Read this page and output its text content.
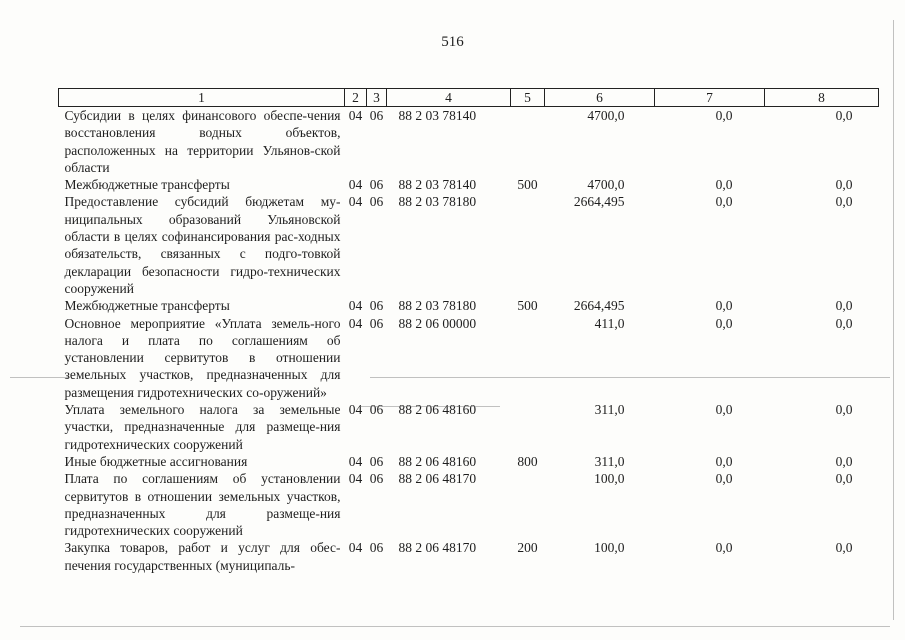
516
1	2	3	4	5	6	7	8
Субсидии в целях финансового обеспе-чения восстановления водных объектов, расположенных на территории Ульянов-ской области	04	06	88 2 03 78140		4700,0	0,0	0,0
Межбюджетные трансферты	04	06	88 2 03 78140	500	4700,0	0,0	0,0
Предоставление субсидий бюджетам му-ниципальных образований Ульяновской области в целях софинансирования рас-ходных обязательств, связанных с подго-товкой декларации безопасности гидро-технических сооружений	04	06	88 2 03 78180		2664,495	0,0	0,0
Межбюджетные трансферты	04	06	88 2 03 78180	500	2664,495	0,0	0,0
Основное мероприятие «Уплата земель-ного налога и плата по соглашениям об установлении сервитутов в отношении земельных участков, предназначенных для размещения гидротехнических со-оружений»	04	06	88 2 06 00000		411,0	0,0	0,0
Уплата земельного налога за земельные участки, предназначенные для размеще-ния гидротехнических сооружений	04	06	88 2 06 48160		311,0	0,0	0,0
Иные бюджетные ассигнования	04	06	88 2 06 48160	800	311,0	0,0	0,0
Плата по соглашениям об установлении сервитутов в отношении земельных участков, предназначенных для размеще-ния гидротехнических сооружений	04	06	88 2 06 48170		100,0	0,0	0,0
Закупка товаров, работ и услуг для обес-печения государственных (муниципаль-	04	06	88 2 06 48170	200	100,0	0,0	0,0
